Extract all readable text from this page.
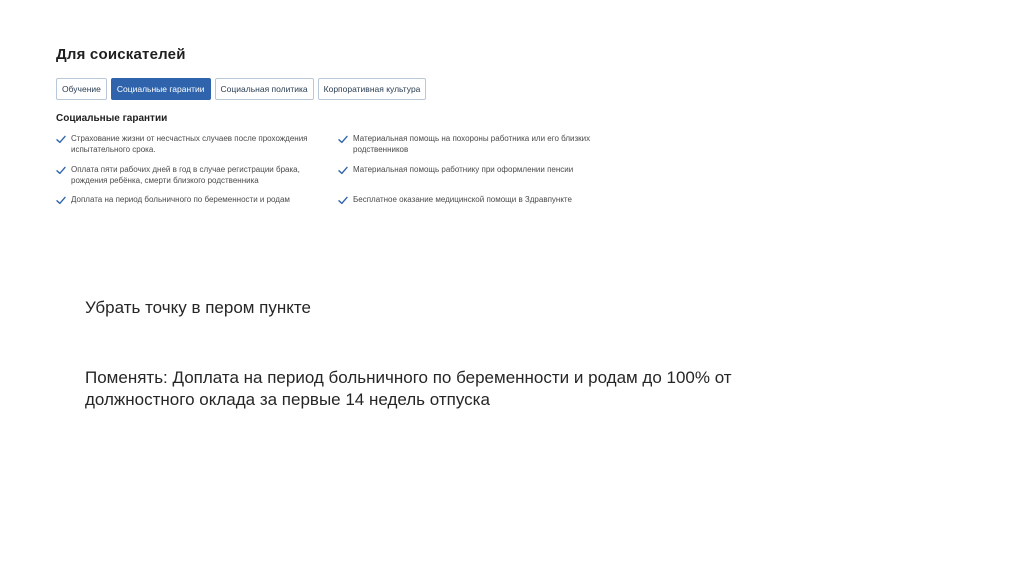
Для соискателей
Обучение	Социальные гарантии	Социальная политика	Корпоративная культура
Социальные гарантии
Страхование жизни от несчастных случаев после прохождения испытательного срока.
Оплата пяти рабочих дней в год в случае регистрации брака, рождения ребёнка, смерти близкого родственника
Доплата на период больничного по беременности и родам
Материальная помощь на похороны работника или его близких родственников
Материальная помощь работнику при оформлении пенсии
Бесплатное оказание медицинской помощи в Здравпункте
Убрать точку в пером пункте
Поменять: Доплата на период больничного по беременности и родам до 100% от должностного оклада за первые 14 недель отпуска
